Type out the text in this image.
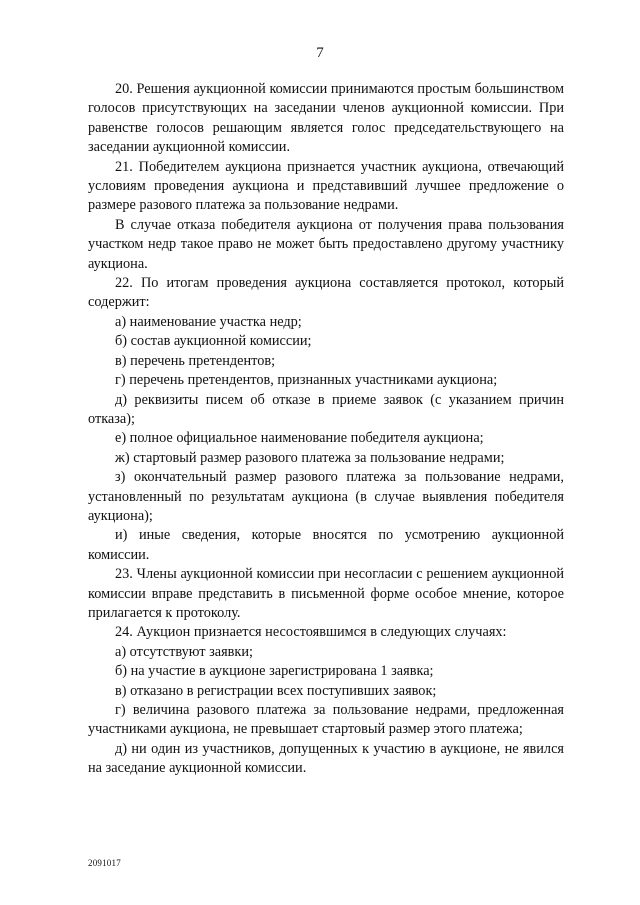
7

20. Решения аукционной комиссии принимаются простым большинством голосов присутствующих на заседании членов аукционной комиссии. При равенстве голосов решающим является голос председательствующего на заседании аукционной комиссии.

21. Победителем аукциона признается участник аукциона, отвечающий условиям проведения аукциона и представивший лучшее предложение о размере разового платежа за пользование недрами.

В случае отказа победителя аукциона от получения права пользования участком недр такое право не может быть предоставлено другому участнику аукциона.

22. По итогам проведения аукциона составляется протокол, который содержит:

а) наименование участка недр;

б) состав аукционной комиссии;

в) перечень претендентов;

г) перечень претендентов, признанных участниками аукциона;

д) реквизиты писем об отказе в приеме заявок (с указанием причин отказа);

е) полное официальное наименование победителя аукциона;

ж) стартовый размер разового платежа за пользование недрами;

з) окончательный размер разового платежа за пользование недрами, установленный по результатам аукциона (в случае выявления победителя аукциона);

и) иные сведения, которые вносятся по усмотрению аукционной комиссии.

23. Члены аукционной комиссии при несогласии с решением аукционной комиссии вправе представить в письменной форме особое мнение, которое прилагается к протоколу.

24. Аукцион признается несостоявшимся в следующих случаях:

а) отсутствуют заявки;

б) на участие в аукционе зарегистрирована 1 заявка;

в) отказано в регистрации всех поступивших заявок;

г) величина разового платежа за пользование недрами, предложенная участниками аукциона, не превышает стартовый размер этого платежа;

д) ни один из участников, допущенных к участию в аукционе, не явился на заседание аукционной комиссии.

2091017
